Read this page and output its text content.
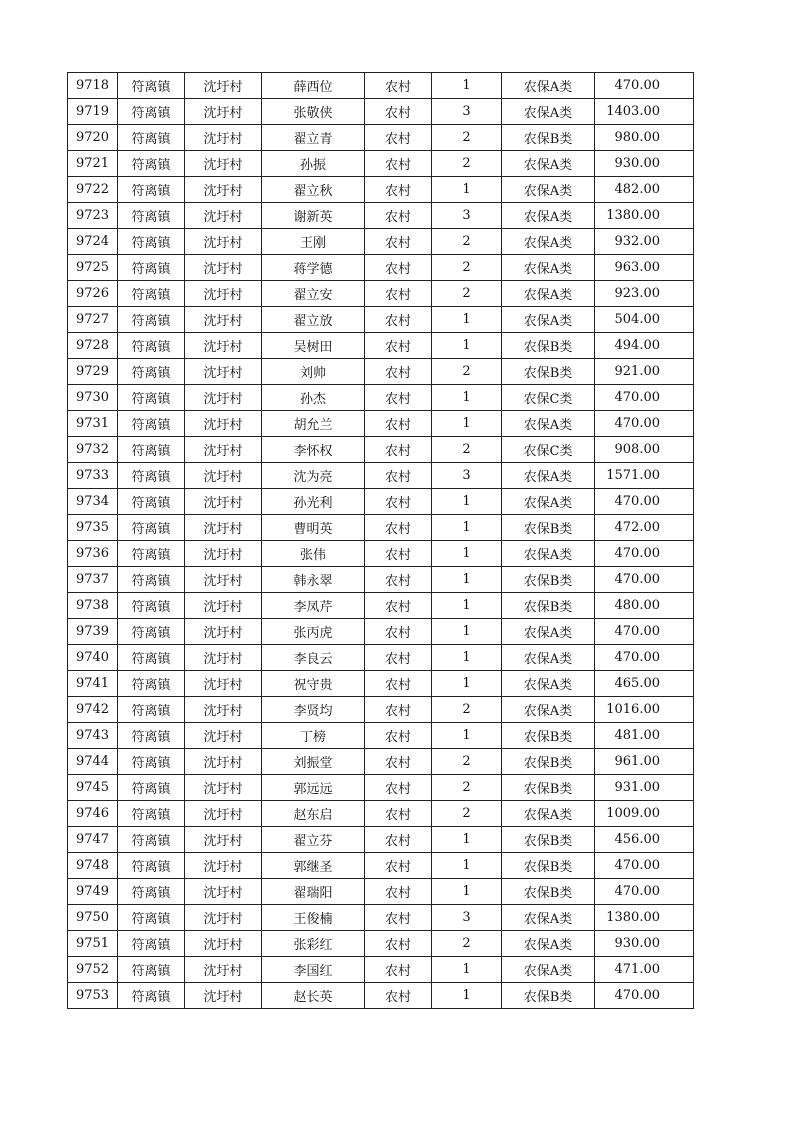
9718	符离镇	沈圩村	薛西位	农村	1	农保A类	470.00
9719	符离镇	沈圩村	张敬侠	农村	3	农保A类	1403.00
9720	符离镇	沈圩村	翟立青	农村	2	农保B类	980.00
9721	符离镇	沈圩村	孙振	农村	2	农保A类	930.00
9722	符离镇	沈圩村	翟立秋	农村	1	农保A类	482.00
9723	符离镇	沈圩村	谢新英	农村	3	农保A类	1380.00
9724	符离镇	沈圩村	王刚	农村	2	农保A类	932.00
9725	符离镇	沈圩村	蒋学德	农村	2	农保A类	963.00
9726	符离镇	沈圩村	翟立安	农村	2	农保A类	923.00
9727	符离镇	沈圩村	翟立放	农村	1	农保A类	504.00
9728	符离镇	沈圩村	吴树田	农村	1	农保B类	494.00
9729	符离镇	沈圩村	刘帅	农村	2	农保B类	921.00
9730	符离镇	沈圩村	孙杰	农村	1	农保C类	470.00
9731	符离镇	沈圩村	胡允兰	农村	1	农保A类	470.00
9732	符离镇	沈圩村	李怀权	农村	2	农保C类	908.00
9733	符离镇	沈圩村	沈为亮	农村	3	农保A类	1571.00
9734	符离镇	沈圩村	孙光利	农村	1	农保A类	470.00
9735	符离镇	沈圩村	曹明英	农村	1	农保B类	472.00
9736	符离镇	沈圩村	张伟	农村	1	农保A类	470.00
9737	符离镇	沈圩村	韩永翠	农村	1	农保B类	470.00
9738	符离镇	沈圩村	李凤芹	农村	1	农保B类	480.00
9739	符离镇	沈圩村	张丙虎	农村	1	农保A类	470.00
9740	符离镇	沈圩村	李良云	农村	1	农保A类	470.00
9741	符离镇	沈圩村	祝守贵	农村	1	农保A类	465.00
9742	符离镇	沈圩村	李贤均	农村	2	农保A类	1016.00
9743	符离镇	沈圩村	丁榜	农村	1	农保B类	481.00
9744	符离镇	沈圩村	刘振堂	农村	2	农保B类	961.00
9745	符离镇	沈圩村	郭远远	农村	2	农保B类	931.00
9746	符离镇	沈圩村	赵东启	农村	2	农保A类	1009.00
9747	符离镇	沈圩村	翟立芬	农村	1	农保B类	456.00
9748	符离镇	沈圩村	郭继圣	农村	1	农保B类	470.00
9749	符离镇	沈圩村	翟瑞阳	农村	1	农保B类	470.00
9750	符离镇	沈圩村	王俊楠	农村	3	农保A类	1380.00
9751	符离镇	沈圩村	张彩红	农村	2	农保A类	930.00
9752	符离镇	沈圩村	李国红	农村	1	农保A类	471.00
9753	符离镇	沈圩村	赵长英	农村	1	农保B类	470.00
